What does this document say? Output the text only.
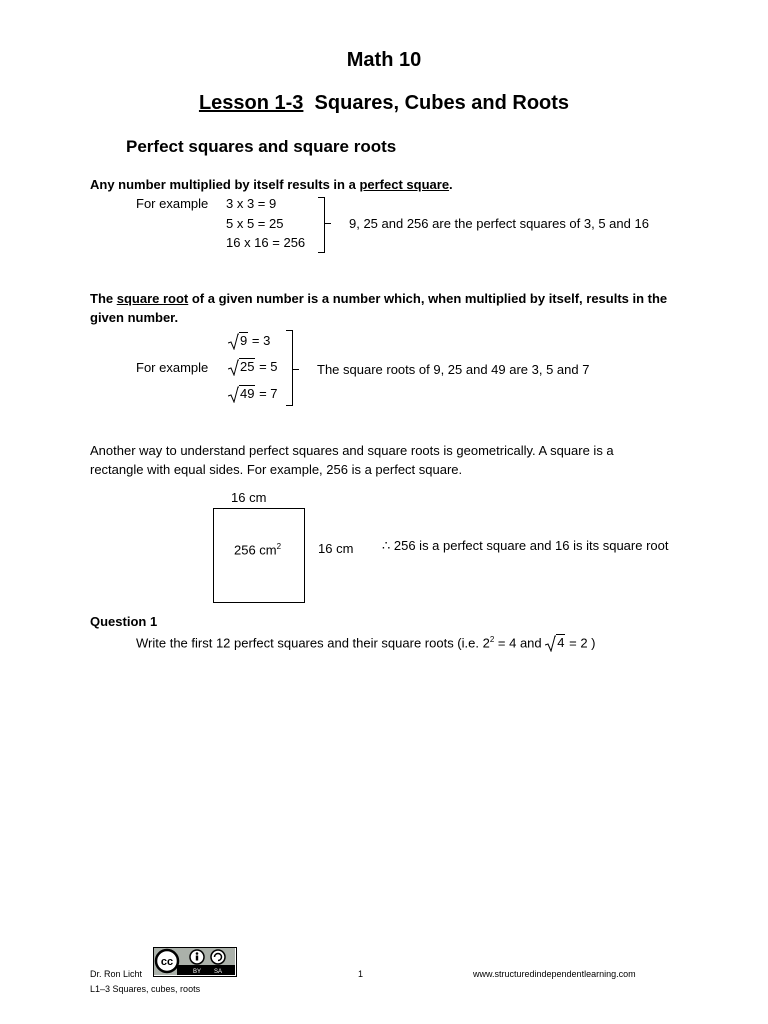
Math 10
Lesson 1-3 Squares, Cubes and Roots
Perfect squares and square roots
Any number multiplied by itself results in a perfect square.
For example 3 x 3 = 9
5 x 5 = 25
16 x 16 = 256
9, 25 and 256 are the perfect squares of 3, 5 and 16
The square root of a given number is a number which, when multiplied by itself, results in the
given number.
For example
9 = 3
25 = 5
49 = 7
The square roots of 9, 25 and 49 are 3, 5 and 7
Another way to understand perfect squares and square roots is geometrically. A square is a
rectangle with equal sides. For example, 256 is a perfect square.
16 cm
256 $cm^2$	16 cm ∴ 256 is a perfect square and 16 is its square root
Question 1
Write the first 12 perfect squares and their square roots (i.e. $2^2 = 4$ and
4 = 2 )
Dr. Ron Licht
cc
BY SA	1	www.structuredindependentlearning.com
L1–3 Squares, cubes, roots
